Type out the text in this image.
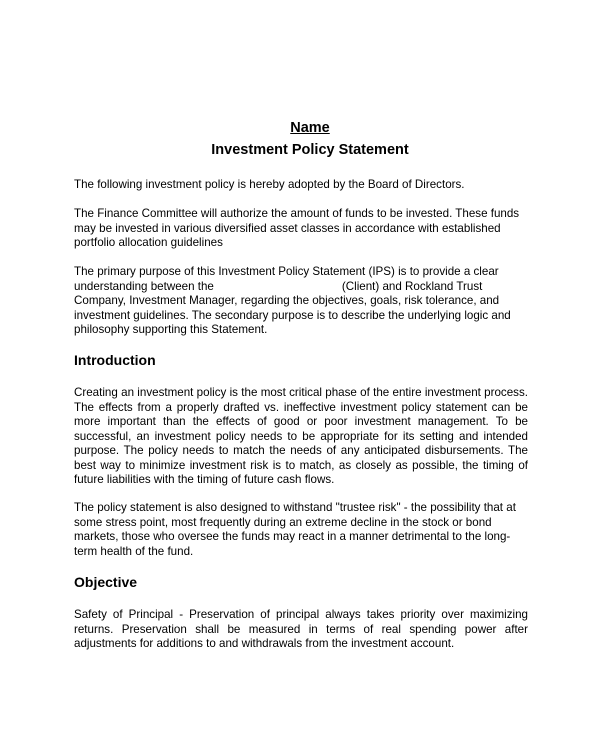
Name
Investment Policy Statement

The following investment policy is hereby adopted by the Board of Directors.

The Finance Committee will authorize the amount of funds to be invested. These funds may be invested in various diversified asset classes in accordance with established portfolio allocation guidelines

The primary purpose of this Investment Policy Statement (IPS) is to provide a clear understanding between the	(Client) and Rockland Trust Company, Investment Manager, regarding the objectives, goals, risk tolerance, and investment guidelines. The secondary purpose is to describe the underlying logic and philosophy supporting this Statement.

Introduction

Creating an investment policy is the most critical phase of the entire investment process. The effects from a properly drafted vs. ineffective investment policy statement can be more important than the effects of good or poor investment management. To be successful, an investment policy needs to be appropriate for its setting and intended purpose. The policy needs to match the needs of any anticipated disbursements. The best way to minimize investment risk is to match, as closely as possible, the timing of future liabilities with the timing of future cash flows.

The policy statement is also designed to withstand "trustee risk" - the possibility that at some stress point, most frequently during an extreme decline in the stock or bond markets, those who oversee the funds may react in a manner detrimental to the long-term health of the fund.

Objective

Safety of Principal - Preservation of principal always takes priority over maximizing returns. Preservation shall be measured in terms of real spending power after adjustments for additions to and withdrawals from the investment account.
